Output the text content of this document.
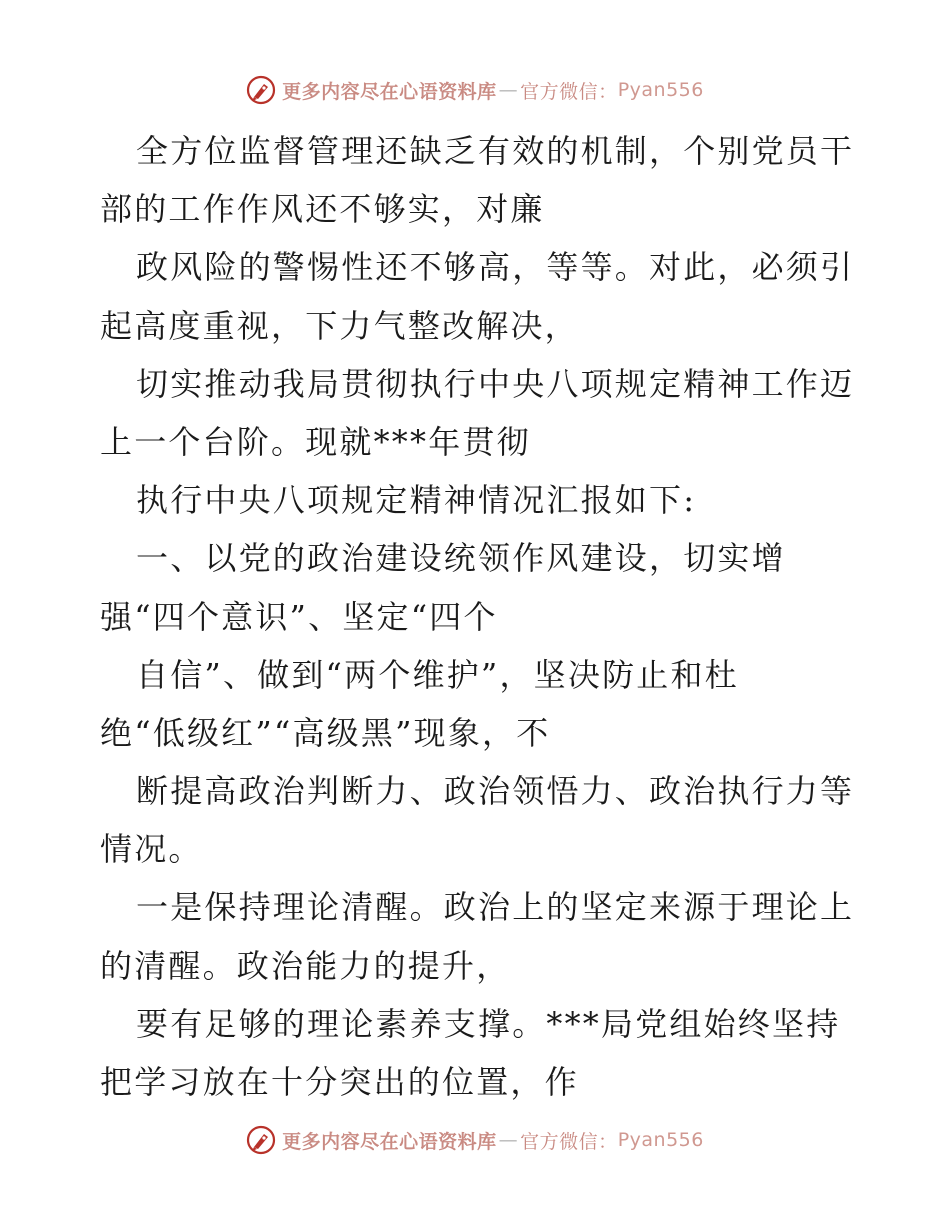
更多内容尽在心语资料库 — 官方微信： Pyan556
全方位监督管理还缺乏有效的机制，个别党员干
部的工作作风还不够实，对廉
政风险的警惕性还不够高，等等。对此，必须引
起高度重视，下力气整改解决，
切实推动我局贯彻执行中央八项规定精神工作迈
上一个台阶。现就***年贯彻
执行中央八项规定精神情况汇报如下:
一、以党的政治建设统领作风建设，切实增
强“四个意识”、坚定“四个
自信”、做到“两个维护”，坚决防止和杜
绝“低级红”“高级黑”现象，不
断提高政治判断力、政治领悟力、政治执行力等
情况。
一是保持理论清醒。政治上的坚定来源于理论上
的清醒。政治能力的提升，
要有足够的理论素养支撑。***局党组始终坚持
把学习放在十分突出的位置，作
更多内容尽在心语资料库 — 官方微信： Pyan556
